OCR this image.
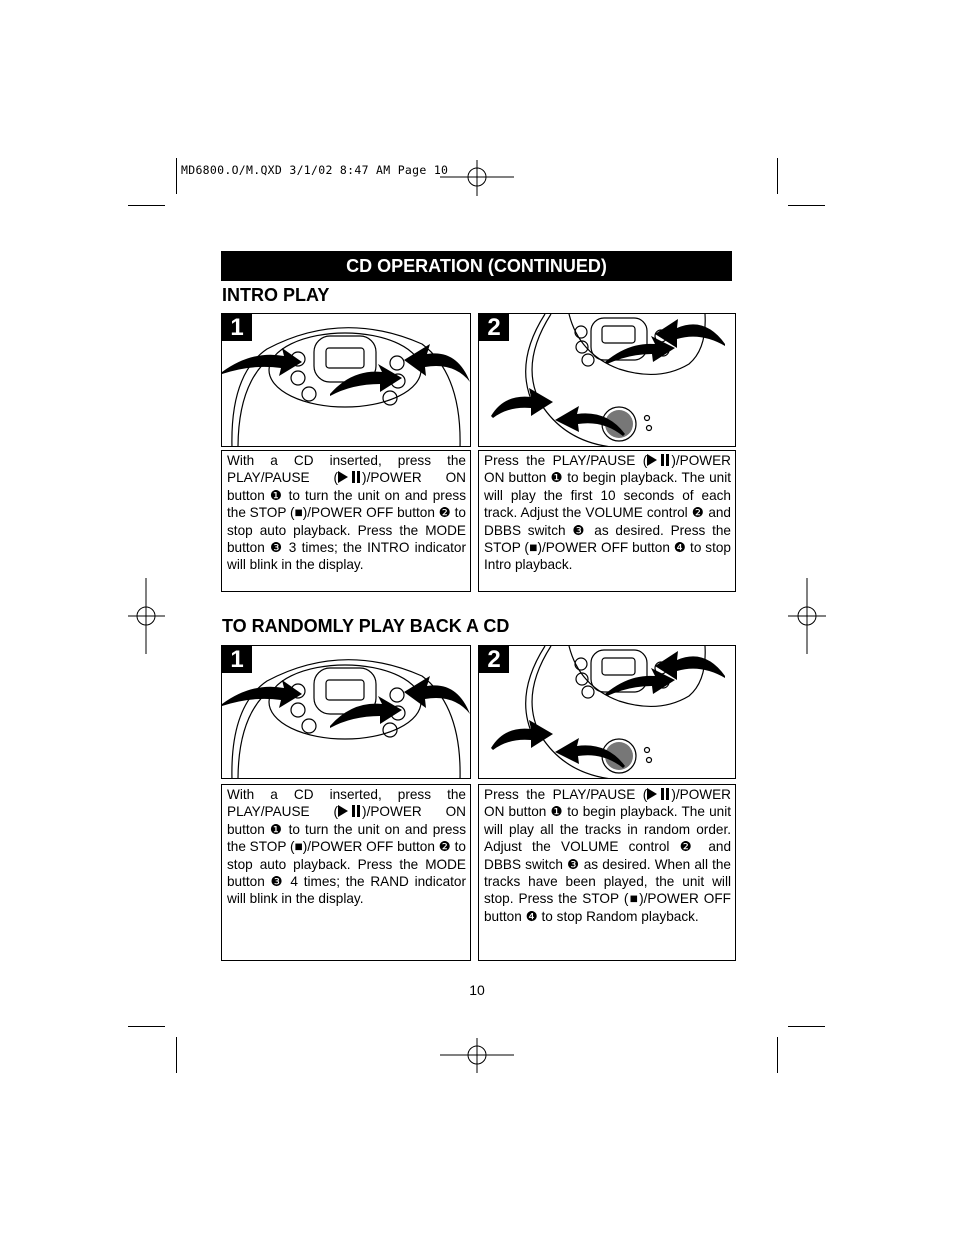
MD6800.O/M.QXD 3/1/02 8:47 AM Page 10
CD OPERATION (CONTINUED)
INTRO PLAY
1	2
With a CD inserted, press the PLAY/PAUSE ( )/POWER ON button ❶ to turn the unit on and press the STOP (■)/POWER OFF button ❷ to stop auto playback. Press the MODE button ❸ 3 times; the INTRO indicator will blink in the display.
Press the PLAY/PAUSE ( )/POWER ON button ❶ to begin playback. The unit will play the first 10 seconds of each track. Adjust the VOLUME control ❷ and DBBS switch ❸ as desired. Press the STOP (■)/POWER OFF button ❹ to stop Intro playback.
TO RANDOMLY PLAY BACK A CD
1	2
With a CD inserted, press the PLAY/PAUSE ( )/POWER ON button ❶ to turn the unit on and press the STOP (■)/POWER OFF button ❷ to stop auto playback. Press the MODE button ❸ 4 times; the RAND indicator will blink in the display.
Press the PLAY/PAUSE ( )/POWER ON button ❶ to begin playback. The unit will play all the tracks in random order. Adjust the VOLUME control ❷ and DBBS switch ❸ as desired. When all the tracks have been played, the unit will stop. Press the STOP (■)/POWER OFF button ❹ to stop Random playback.
10
